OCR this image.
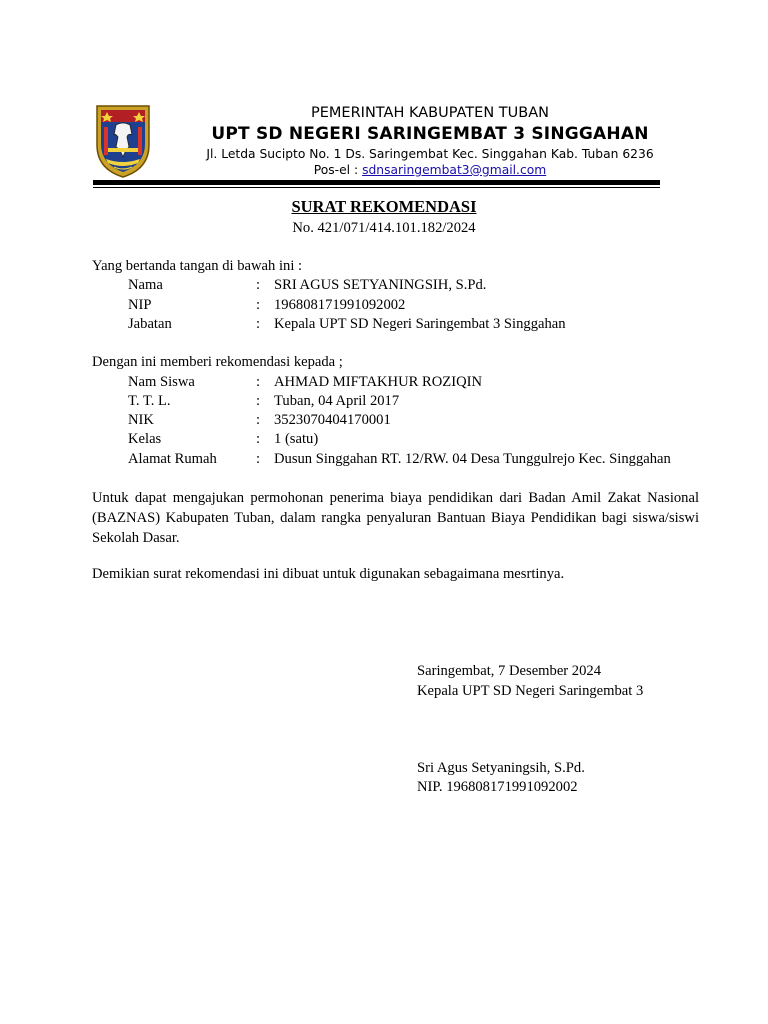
PEMERINTAH KABUPATEN TUBAN
UPT SD NEGERI SARINGEMBAT 3 SINGGAHAN
Jl. Letda Sucipto No. 1 Ds. Saringembat Kec. Singgahan Kab. Tuban 6236
Pos-el : sdnsaringembat3@gmail.com
SURAT REKOMENDASI
No. 421/071/414.101.182/2024
Yang bertanda tangan di bawah ini :
Nama	: SRI AGUS SETYANINGSIH, S.Pd.
NIP	: 196808171991092002
Jabatan	: Kepala UPT SD Negeri Saringembat 3 Singgahan
Dengan ini memberi rekomendasi kepada ;
Nam Siswa	: AHMAD MIFTAKHUR ROZIQIN
T. T. L.	: Tuban, 04 April 2017
NIK	: 3523070404170001
Kelas	: 1 (satu)
Alamat Rumah	: Dusun Singgahan RT. 12/RW. 04 Desa Tunggulrejo Kec. Singgahan
Untuk dapat mengajukan permohonan penerima biaya pendidikan dari Badan Amil Zakat Nasional (BAZNAS) Kabupaten Tuban, dalam rangka penyaluran Bantuan Biaya Pendidikan bagi siswa/siswi Sekolah Dasar.
Demikian surat rekomendasi ini dibuat untuk digunakan sebagaimana mesrtinya.
Saringembat, 7 Desember 2024
Kepala UPT SD Negeri Saringembat 3
Sri Agus Setyaningsih, S.Pd.
NIP. 196808171991092002
